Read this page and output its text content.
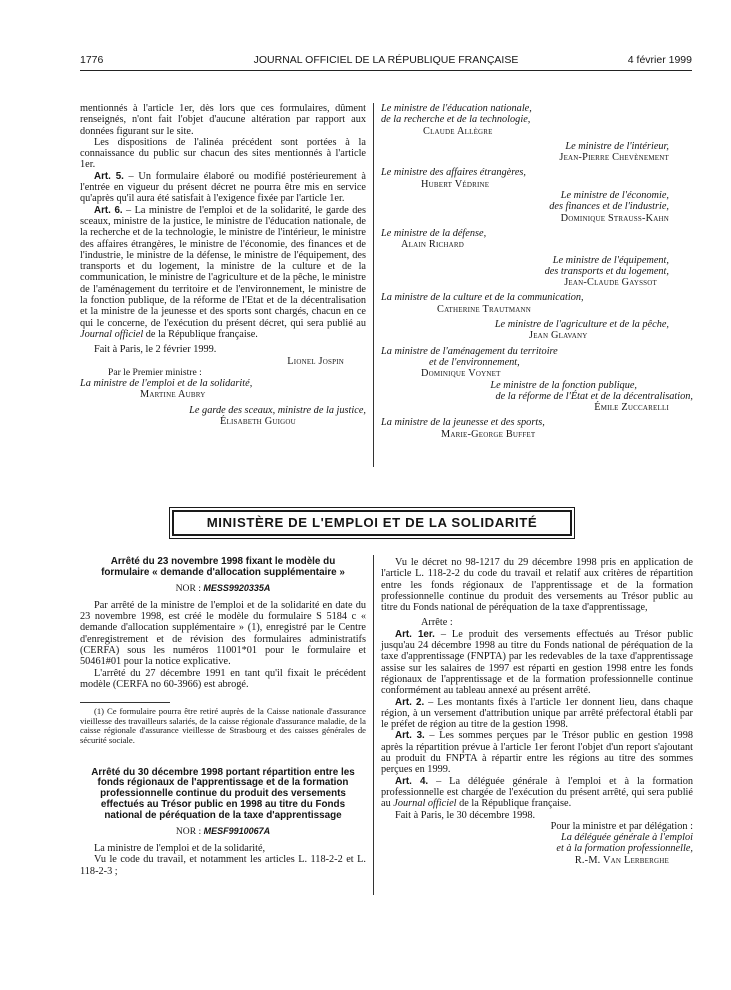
1776	JOURNAL OFFICIEL DE LA RÉPUBLIQUE FRANÇAISE	4 février 1999

mentionnés à l'article 1er, dès lors que ces formulaires, dûment renseignés, n'ont fait l'objet d'aucune altération par rapport aux données figurant sur le site.

Les dispositions de l'alinéa précédent sont portées à la connaissance du public sur chacun des sites mentionnés à l'article 1er.

Art. 5. – Un formulaire élaboré ou modifié postérieurement à l'entrée en vigueur du présent décret ne pourra être mis en service qu'après qu'il aura été satisfait à l'exigence fixée par l'article 1er.

Art. 6. – La ministre de l'emploi et de la solidarité, le garde des sceaux, ministre de la justice, le ministre de l'éducation nationale, de la recherche et de la technologie, le ministre de l'intérieur, le ministre des affaires étrangères, le ministre de l'économie, des finances et de l'industrie, le ministre de la défense, le ministre de l'équipement, des transports et du logement, la ministre de la culture et de la communication, le ministre de l'agriculture et de la pêche, le ministre de l'aménagement du territoire et de l'environnement, le ministre de la fonction publique, de la réforme de l'Etat et de la décentralisation et la ministre de la jeunesse et des sports sont chargés, chacun en ce qui le concerne, de l'exécution du présent décret, qui sera publié au Journal officiel de la République française.

Fait à Paris, le 2 février 1999.

Lionel Jospin
Par le Premier ministre :
La ministre de l'emploi et de la solidarité,
Martine Aubry
Le garde des sceaux, ministre de la justice,
Élisabeth Guigou
Le ministre de l'éducation nationale,
de la recherche et de la technologie,
Claude Allègre
Le ministre de l'intérieur,
Jean-Pierre Chevènement
Le ministre des affaires étrangères,
Hubert Védrine
Le ministre de l'économie,
des finances et de l'industrie,
Dominique Strauss-Kahn
Le ministre de la défense,
Alain Richard
Le ministre de l'équipement,
des transports et du logement,
Jean-Claude Gayssot
La ministre de la culture et de la communication,
Catherine Trautmann
Le ministre de l'agriculture et de la pêche,
Jean Glavany
La ministre de l'aménagement du territoire
et de l'environnement,
Dominique Voynet
Le ministre de la fonction publique,
de la réforme de l'État et de la décentralisation,
Émile Zuccarelli
La ministre de la jeunesse et des sports,
Marie-George Buffet
MINISTÈRE DE L'EMPLOI ET DE LA SOLIDARITÉ
Arrêté du 23 novembre 1998 fixant le modèle du formulaire « demande d'allocation supplémentaire »
NOR : MESS9920335A

Par arrêté de la ministre de l'emploi et de la solidarité en date du 23 novembre 1998, est créé le modèle du formulaire S 5184 c « demande d'allocation supplémentaire » (1), enregistré par le Centre d'enregistrement et de révision des formulaires administratifs (CERFA) sous les numéros 11001*01 pour le formulaire et 50461#01 pour la notice explicative.

L'arrêté du 27 décembre 1991 en tant qu'il fixait le précédent modèle (CERFA no 60-3966) est abrogé.

(1) Ce formulaire pourra être retiré auprès de la Caisse nationale d'assurance vieillesse des travailleurs salariés, de la caisse régionale d'assurance maladie, de la caisse régionale d'assurance vieillesse de Strasbourg et des caisses générales de sécurité sociale.

Arrêté du 30 décembre 1998 portant répartition entre les fonds régionaux de l'apprentissage et de la formation professionnelle continue du produit des versements effectués au Trésor public en 1998 au titre du Fonds national de péréquation de la taxe d'apprentissage
NOR : MESF9910067A

La ministre de l'emploi et de la solidarité,

Vu le code du travail, et notamment les articles L. 118-2-2 et L. 118-2-3 ;

Vu le décret no 98-1217 du 29 décembre 1998 pris en application de l'article L. 118-2-2 du code du travail et relatif aux critères de répartition entre les fonds régionaux de l'apprentissage et de la formation professionnelle continue du produit des versements au Trésor public au titre du Fonds national de péréquation de la taxe d'apprentissage,

Arrête :

Art. 1er. – Le produit des versements effectués au Trésor public jusqu'au 24 décembre 1998 au titre du Fonds national de péréquation de la taxe d'apprentissage (FNPTA) par les redevables de la taxe d'apprentissage assise sur les salaires de 1997 est réparti en gestion 1998 entre les fonds régionaux de l'apprentissage et de la formation professionnelle continue conformément au tableau annexé au présent arrêté.

Art. 2. – Les montants fixés à l'article 1er donnent lieu, dans chaque région, à un versement d'attribution unique par arrêté préfectoral établi par le préfet de région au titre de la gestion 1998.

Art. 3. – Les sommes perçues par le Trésor public en gestion 1998 après la répartition prévue à l'article 1er feront l'objet d'un report s'ajoutant au produit du FNPTA à répartir entre les régions au titre des sommes perçues en 1999.

Art. 4. – La déléguée générale à l'emploi et à la formation professionnelle est chargée de l'exécution du présent arrêté, qui sera publié au Journal officiel de la République française.

Fait à Paris, le 30 décembre 1998.

Pour la ministre et par délégation :
La déléguée générale à l'emploi
et à la formation professionnelle,
R.-M. Van Lerberghe
